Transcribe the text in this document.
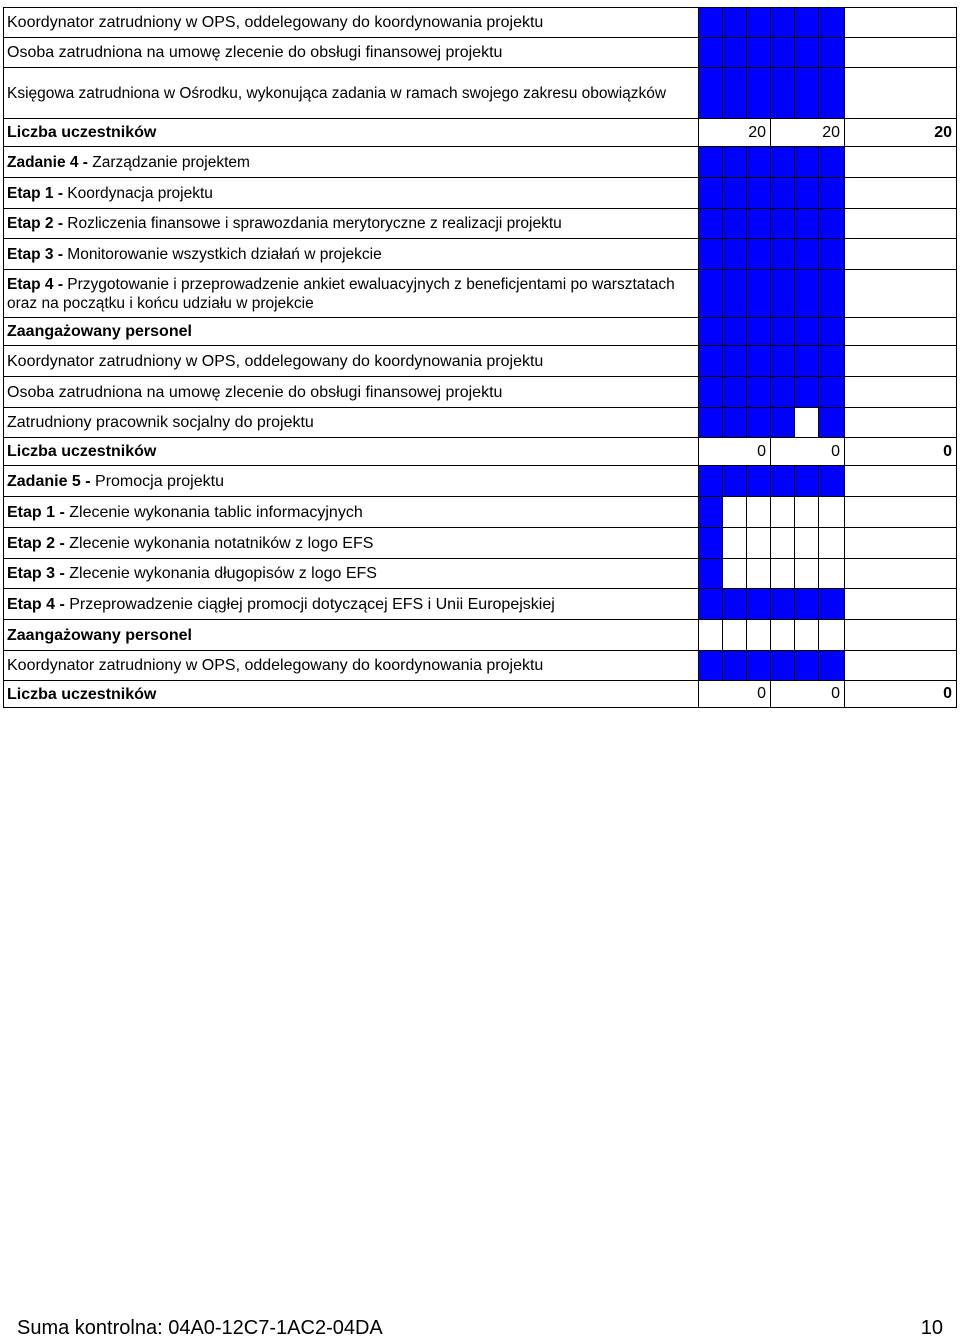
Koordynator zatrudniony w OPS, oddelegowany do koordynowania projektu							
Osoba zatrudniona na umowę zlecenie do obsługi finansowej projektu							
Księgowa zatrudniona w Ośrodku, wykonująca zadania w ramach swojego zakresu obowiązków							
Liczba uczestników	20			20			20
Zadanie 4 - Zarządzanie projektem							
Etap 1 - Koordynacja projektu							
Etap 2 - Rozliczenia finansowe i sprawozdania merytoryczne z realizacji projektu							
Etap 3 - Monitorowanie wszystkich działań w projekcie							
Etap 4 - Przygotowanie i przeprowadzenie ankiet ewaluacyjnych z beneficjentami po warsztatach oraz na początku i końcu udziału w projekcie							
Zaangażowany personel							
Koordynator zatrudniony w OPS, oddelegowany do koordynowania projektu							
Osoba zatrudniona na umowę zlecenie do obsługi finansowej projektu							
Zatrudniony pracownik socjalny do projektu							
Liczba uczestników	0			0			0
Zadanie 5 - Promocja projektu							
Etap 1 - Zlecenie wykonania tablic informacyjnych							
Etap 2 - Zlecenie wykonania notatników z logo EFS							
Etap 3 - Zlecenie wykonania długopisów z logo EFS							
Etap 4 - Przeprowadzenie ciągłej promocji dotyczącej EFS i Unii Europejskiej							
Zaangażowany personel							
Koordynator zatrudniony w OPS, oddelegowany do koordynowania projektu							
Liczba uczestników	0			0			0
Suma kontrolna: 04A0-12C7-1AC2-04DA	10
